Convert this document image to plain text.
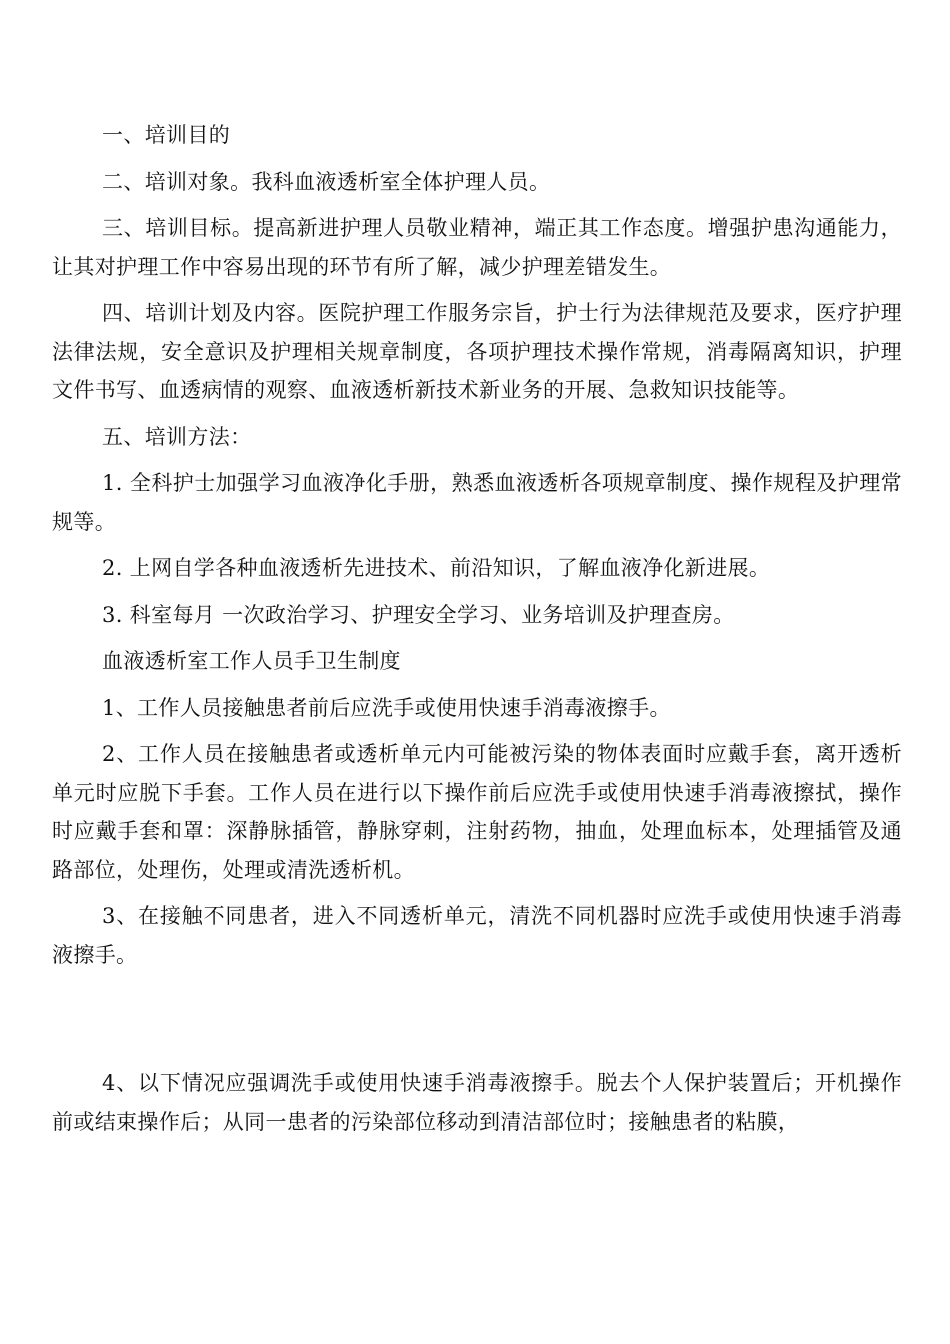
一、培训目的

二、培训对象。我科血液透析室全体护理人员。

三、培训目标。提高新进护理人员敬业精神，端正其工作态度。增强护患沟通能力，让其对护理工作中容易出现的环节有所了解，减少护理差错发生。

四、培训计划及内容。医院护理工作服务宗旨，护士行为法律规范及要求，医疗护理法律法规，安全意识及护理相关规章制度，各项护理技术操作常规，消毒隔离知识，护理文件书写、血透病情的观察、血液透析新技术新业务的开展、急救知识技能等。

五、培训方法：

1. 全科护士加强学习血液净化手册，熟悉血液透析各项规章制度、操作规程及护理常规等。

2. 上网自学各种血液透析先进技术、前沿知识，了解血液净化新进展。

3. 科室每月 一次政治学习、护理安全学习、业务培训及护理查房。

血液透析室工作人员手卫生制度

1、工作人员接触患者前后应洗手或使用快速手消毒液擦手。

2、工作人员在接触患者或透析单元内可能被污染的物体表面时应戴手套，离开透析单元时应脱下手套。工作人员在进行以下操作前后应洗手或使用快速手消毒液擦拭，操作时应戴手套和罩：深静脉插管，静脉穿刺，注射药物，抽血，处理血标本，处理插管及通路部位，处理伤，处理或清洗透析机。

3、在接触不同患者，进入不同透析单元，清洗不同机器时应洗手或使用快速手消毒液擦手。

4、以下情况应强调洗手或使用快速手消毒液擦手。脱去个人保护装置后；开机操作前或结束操作后；从同一患者的污染部位移动到清洁部位时；接触患者的粘膜，
